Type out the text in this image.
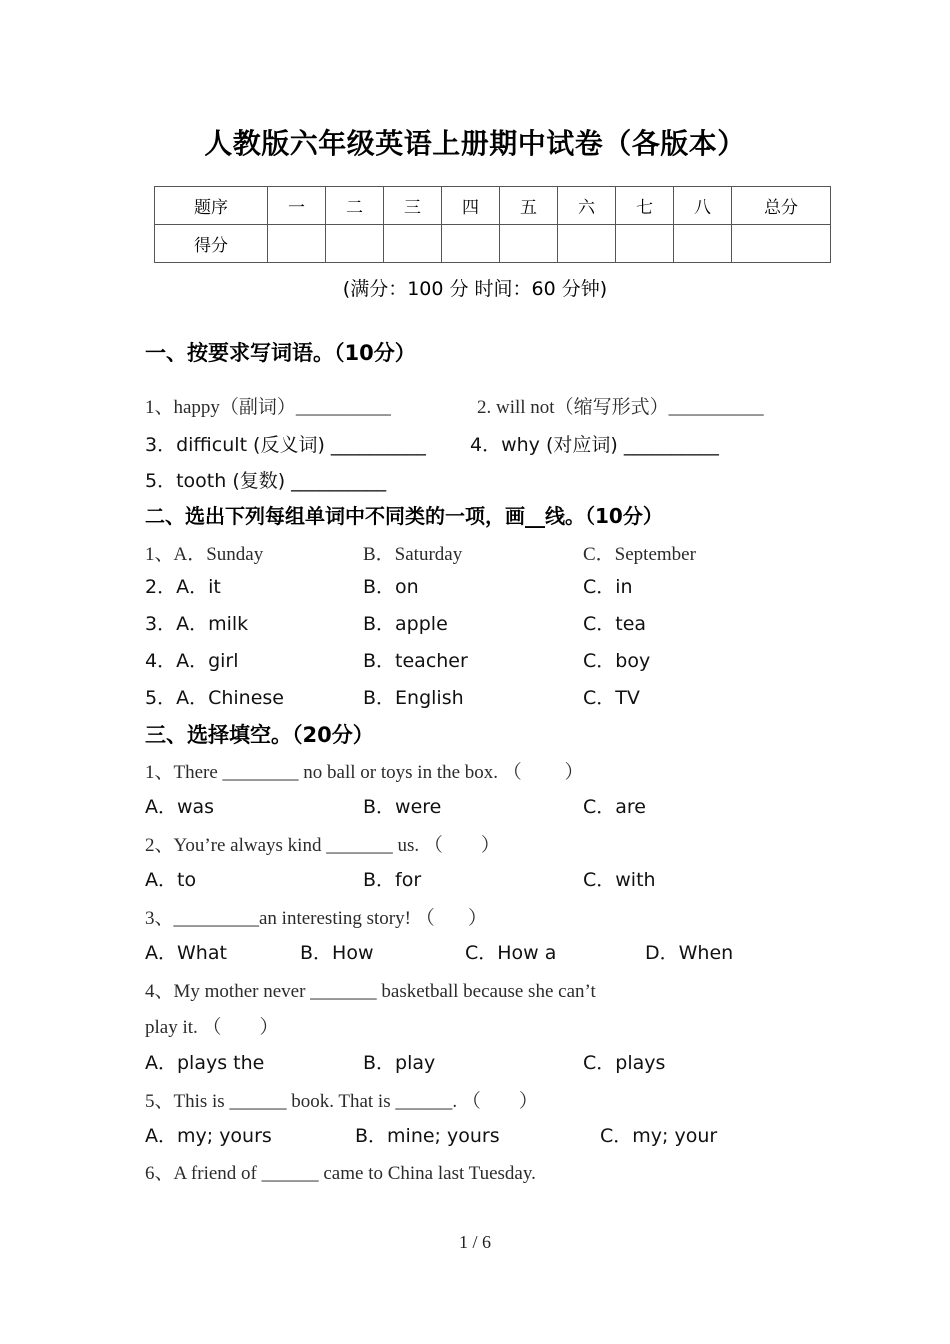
人教版六年级英语上册期中试卷（各版本）
题序	一	二	三	四	五	六	七	八	总分
得分									
(满分：100 分 时间：60 分钟)
一、按要求写词语。（10分）
1、happy（副词）__________	2. will not（缩写形式）__________
3．difficult (反义词) __________ 4．why (对应词) __________
5．tooth (复数) __________
二、选出下列每组单词中不同类的一项，画__线。（10分）
1、A．Sunday	B．Saturday	C．September
2．A．it	B．on	C．in
3．A．milk	B．apple	C．tea
4．A．girl	B．teacher	C．boy
5．A．Chinese	B．English	C．TV
三、选择填空。（20分）
1、There ________ no ball or toys in the box. （         ）
A．was	B．were	C．are
2、You’re always kind _______ us. （        ）
A．to	B．for	C．with
3、_________an interesting story! （       ）
A．What	B．How	C．How a	D．When
4、My mother never _______ basketball because she can’t
play it. （        ）
A．plays the	B．play	C．plays
5、This is ______ book. That is ______. （        ）
A．my; yours	B．mine; yours	C．my; your
6、A friend of ______ came to China last Tuesday.
1 / 6
